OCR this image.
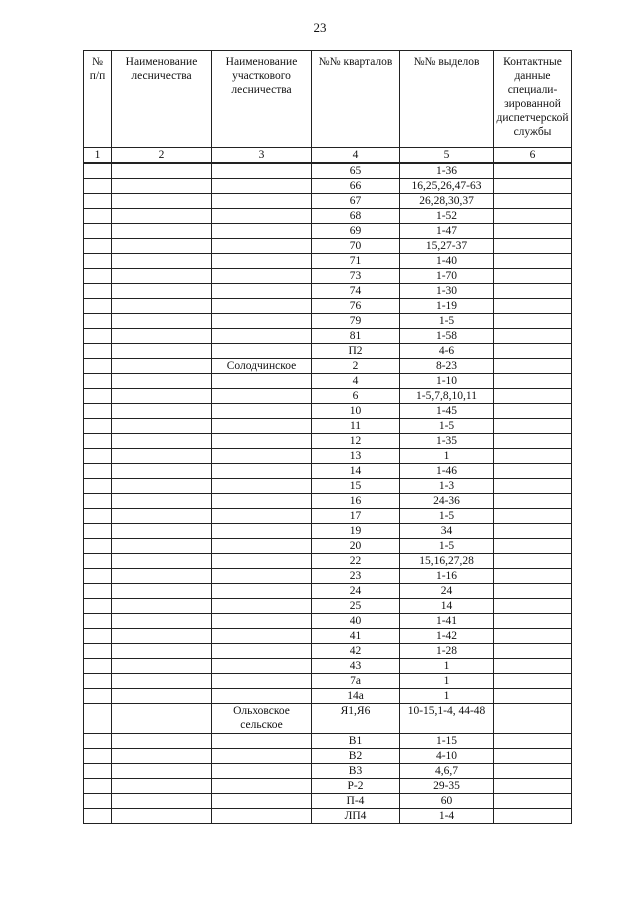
23
№ п/п	Наименование лесничества	Наименование участкового лесничества	№№ кварталов	№№ выделов	Контактные данные специали-зированной диспетчерской службы
1	2	3	4	5	6
			65	1-36	
			66	16,25,26,47-63	
			67	26,28,30,37	
			68	1-52	
			69	1-47	
			70	15,27-37	
			71	1-40	
			73	1-70	
			74	1-30	
			76	1-19	
			79	1-5	
			81	1-58	
			П2	4-6	
		Солодчинское	2	8-23	
			4	1-10	
			6	1-5,7,8,10,11	
			10	1-45	
			11	1-5	
			12	1-35	
			13	1	
			14	1-46	
			15	1-3	
			16	24-36	
			17	1-5	
			19	34	
			20	1-5	
			22	15,16,27,28	
			23	1-16	
			24	24	
			25	14	
			40	1-41	
			41	1-42	
			42	1-28	
			43	1	
			7а	1	
			14а	1	
		Ольховское сельское	Я1,Я6	10-15,1-4, 44-48	
			В1	1-15	
			В2	4-10	
			В3	4,6,7	
			Р-2	29-35	
			П-4	60	
			ЛП4	1-4	
